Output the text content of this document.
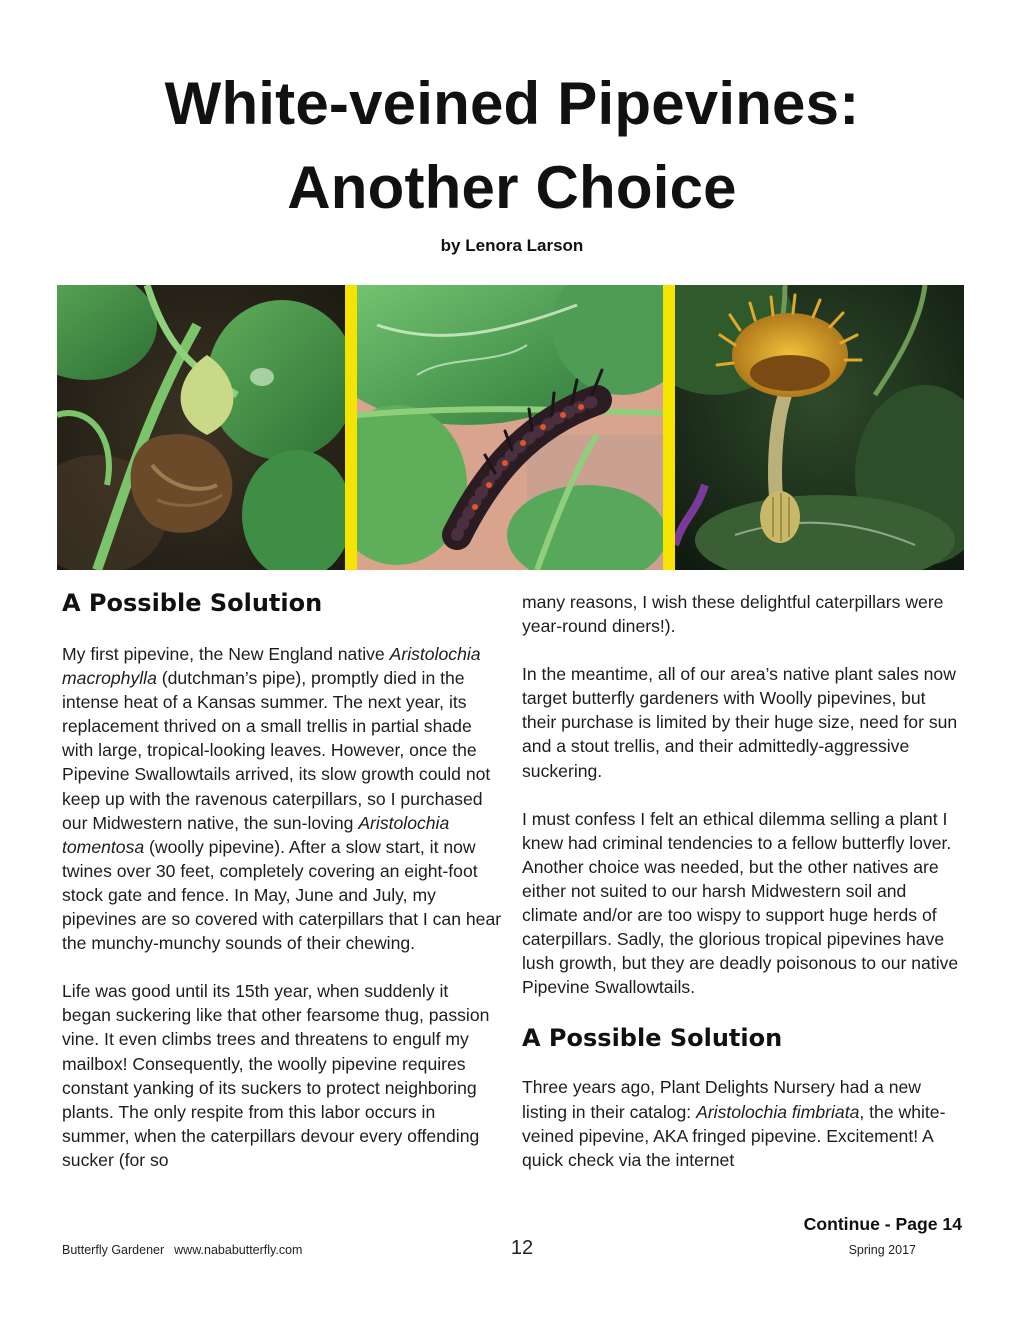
White-veined Pipevines:
Another Choice
by Lenora Larson
A Possible Solution

My first pipevine, the New England native Aristolochia macrophylla (dutchman’s pipe), promptly died in the intense heat of a Kansas summer. The next year, its replacement thrived on a small trellis in partial shade with large, tropical-looking leaves. However, once the Pipevine Swallowtails arrived, its slow growth could not keep up with the ravenous caterpillars, so I purchased our Midwestern native, the sun-loving Aristolochia tomentosa (woolly pipevine). After a slow start, it now twines over 30 feet, completely covering an eight-foot stock gate and fence. In May, June and July, my pipevines are so covered with caterpillars that I can hear the munchy-munchy sounds of their chewing.

Life was good until its 15th year, when suddenly it began suckering like that other fearsome thug, passion vine. It even climbs trees and threatens to engulf my mailbox! Consequently, the woolly pipevine requires constant yanking of its suckers to protect neighboring plants. The only respite from this labor occurs in summer, when the caterpillars devour every offending sucker (for so

many reasons, I wish these delightful caterpillars were year-round diners!).

In the meantime, all of our area’s native plant sales now target butterfly gardeners with Woolly pipevines, but their purchase is limited by their huge size, need for sun and a stout trellis, and their admittedly-aggressive suckering.

I must confess I felt an ethical dilemma selling a plant I knew had criminal tendencies to a fellow butterfly lover. Another choice was needed, but the other natives are either not suited to our harsh Midwestern soil and climate and/or are too wispy to support huge herds of caterpillars. Sadly, the glorious tropical pipevines have lush growth, but they are deadly poisonous to our native Pipevine Swallowtails.

A Possible Solution

Three years ago, Plant Delights Nursery had a new listing in their catalog: Aristolochia fimbriata, the white-veined pipevine, AKA fringed pipevine. Excitement! A quick check via the internet

Continue - Page 14
Butterfly Gardener www.nababutterfly.com	12	Spring 2017
